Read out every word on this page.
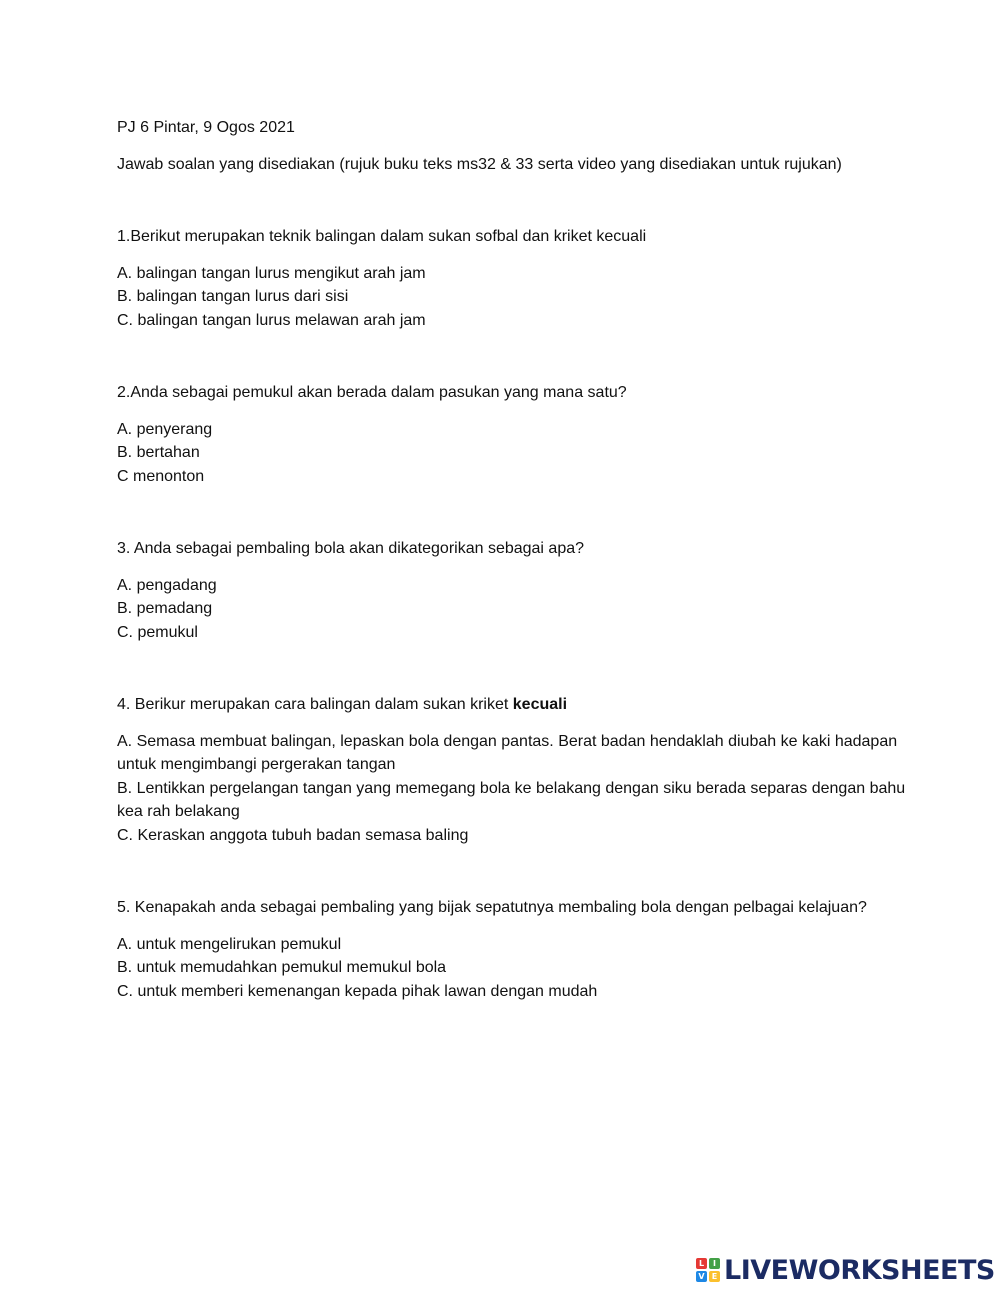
PJ 6 Pintar, 9 Ogos 2021

Jawab soalan yang disediakan (rujuk buku teks ms32 & 33 serta video yang disediakan untuk rujukan)

1.Berikut merupakan teknik balingan dalam sukan sofbal dan kriket kecuali

A. balingan tangan lurus mengikut arah jam

B. balingan tangan lurus dari sisi

C. balingan tangan lurus melawan arah jam

2.Anda sebagai pemukul akan berada dalam pasukan yang mana satu?

A. penyerang

B. bertahan

C menonton

3. Anda sebagai pembaling bola akan dikategorikan sebagai apa?

A. pengadang

B. pemadang

C. pemukul

4. Berikur merupakan cara balingan dalam sukan kriket kecuali

A. Semasa membuat balingan, lepaskan bola dengan pantas. Berat badan hendaklah diubah ke kaki hadapan untuk mengimbangi pergerakan tangan

B. Lentikkan pergelangan tangan yang memegang bola ke belakang dengan siku berada separas dengan bahu kea rah belakang

C. Keraskan anggota tubuh badan semasa baling

5. Kenapakah anda sebagai pembaling yang bijak sepatutnya membaling bola dengan pelbagai kelajuan?

A. untuk mengelirukan pemukul

B. untuk memudahkan pemukul memukul bola

C. untuk memberi kemenangan kepada pihak lawan dengan mudah

L	I
V E LIVEWORKSHEETS
